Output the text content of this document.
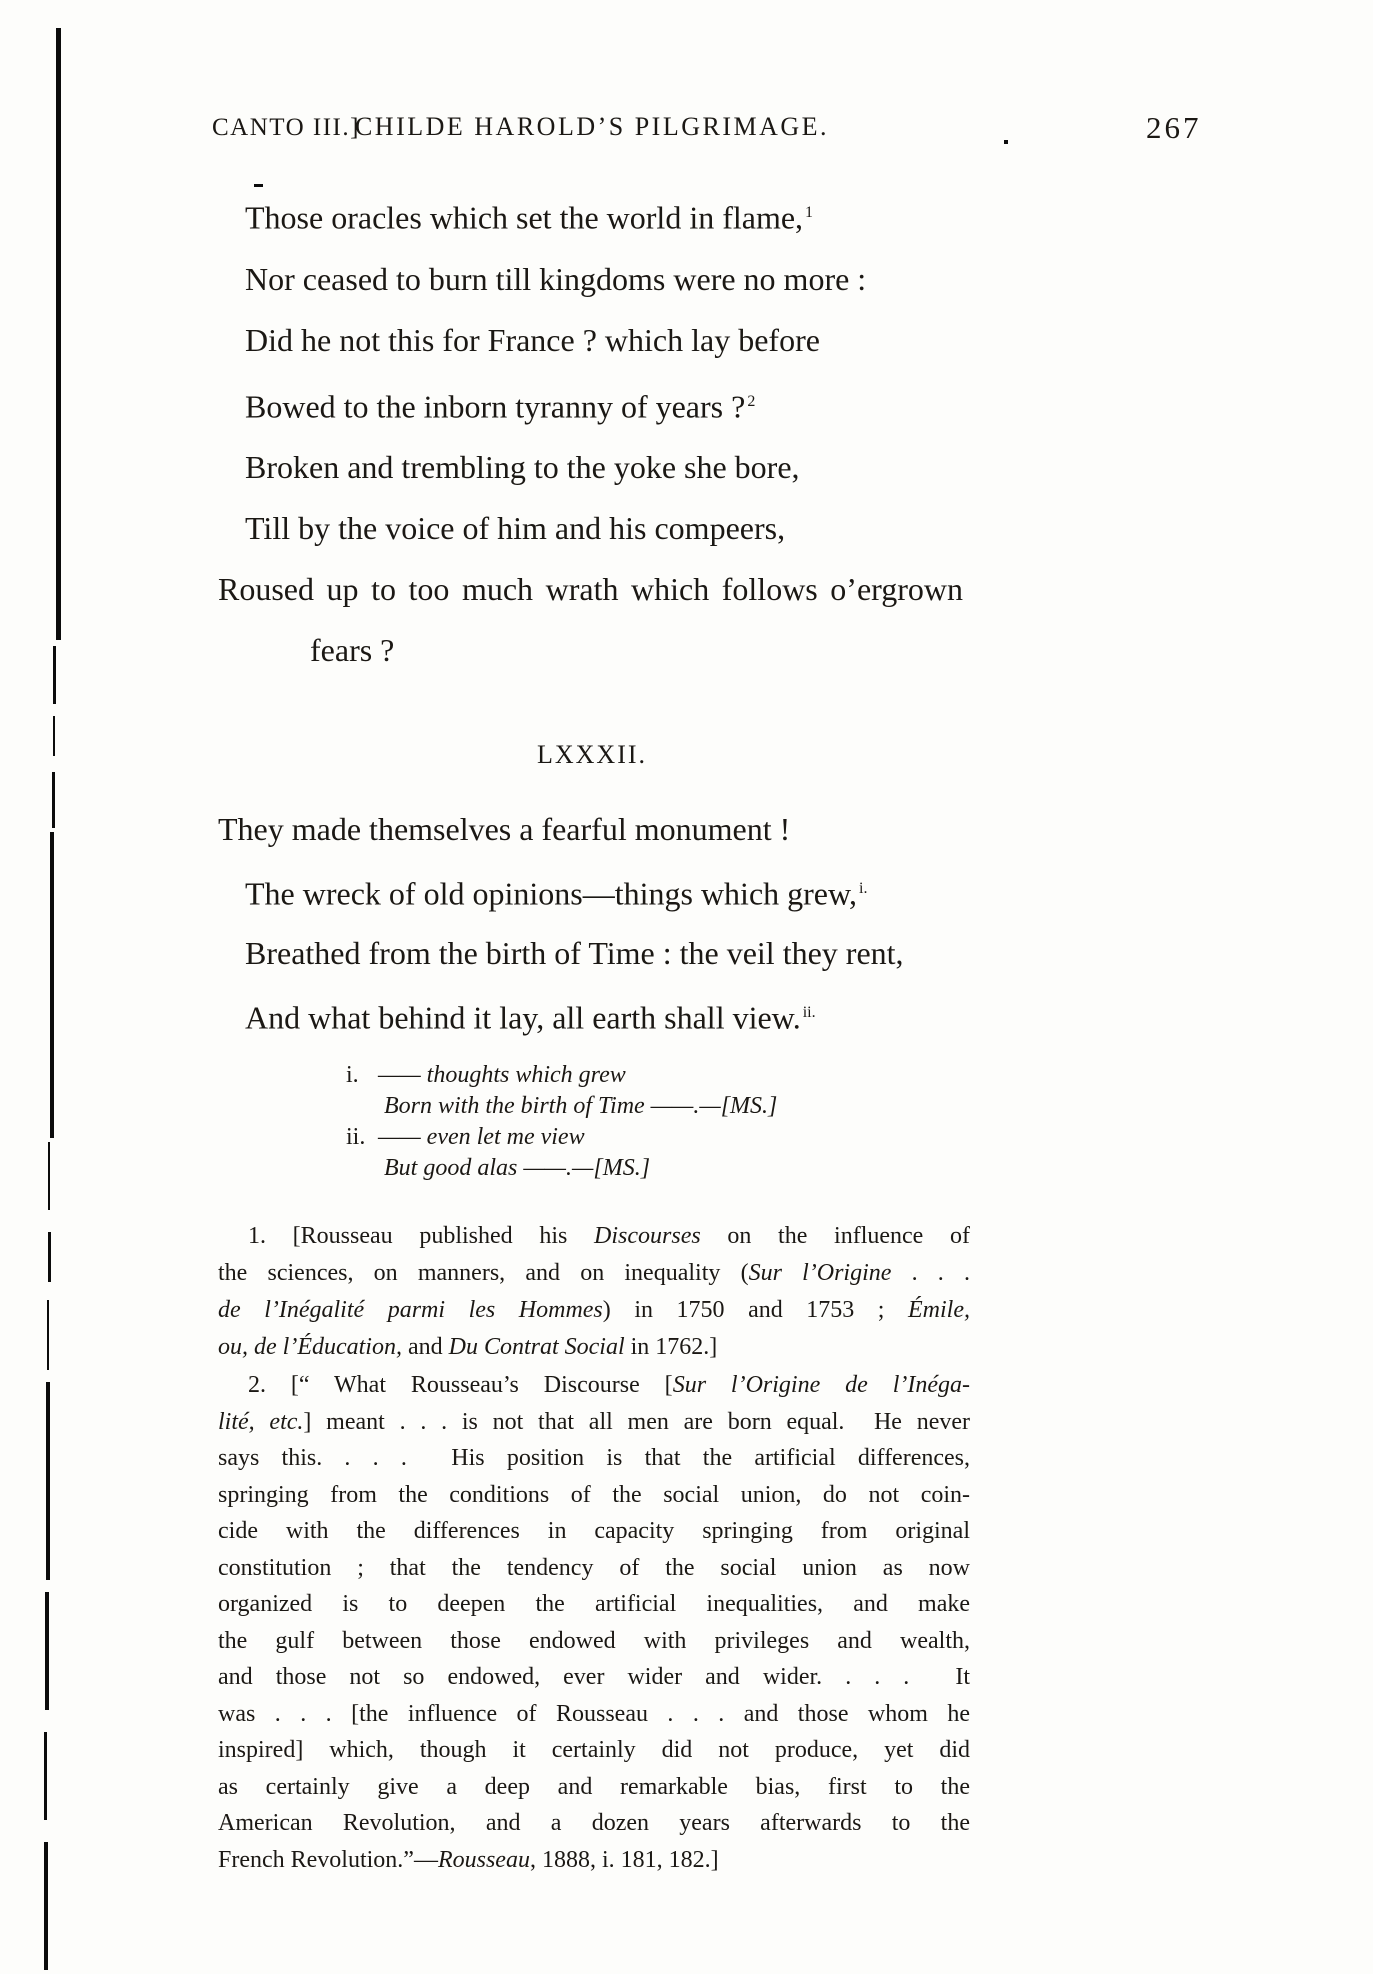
CANTO III.]
CHILDE HAROLD’S PILGRIMAGE.	267
Those oracles which set the world in flame, $^1$
Nor ceased to burn till kingdoms were no more :
Did he not this for France ? which lay before
Bowed to the inborn tyranny of years ? $^2$
Broken and trembling to the yoke she bore,
Till by the voice of him and his compeers,
Roused up to too much wrath which follows o’ergrown
fears ?
LXXXII.
They made themselves a fearful monument !
The wreck of old opinions—things which grew, $^{i.}$
Breathed from the birth of Time : the veil they rent,
And what behind it lay, all earth shall view. $^{ii.}$
i. —— thoughts which grew
Born with the birth of Time ——.—[MS.]
ii. —— even let me view
But good alas ——.—[MS.]
1. [Rousseau published his Discourses on the influence of
the sciences, on manners, and on inequality (Sur l’Origine . . .
de l’Inégalité parmi les Hommes) in 1750 and 1753 ; Émile,
ou, de l’Éducation, and Du Contrat Social in 1762.]
2. [“ What Rousseau’s Discourse [Sur l’Origine de l’Inéga-
lité, etc.] meant . . . is not that all men are born equal.  He never
says this. . . .  His position is that the artificial differences,
springing from the conditions of the social union, do not coin-
cide with the differences in capacity springing from original
constitution ; that the tendency of the social union as now
organized is to deepen the artificial inequalities, and make
the gulf between those endowed with privileges and wealth,
and those not so endowed, ever wider and wider. . . .  It
was . . . [the influence of Rousseau . . . and those whom he
inspired] which, though it certainly did not produce, yet did
as certainly give a deep and remarkable bias, first to the
American Revolution, and a dozen years afterwards to the
French Revolution.”—Rousseau, 1888, i. 181, 182.]
